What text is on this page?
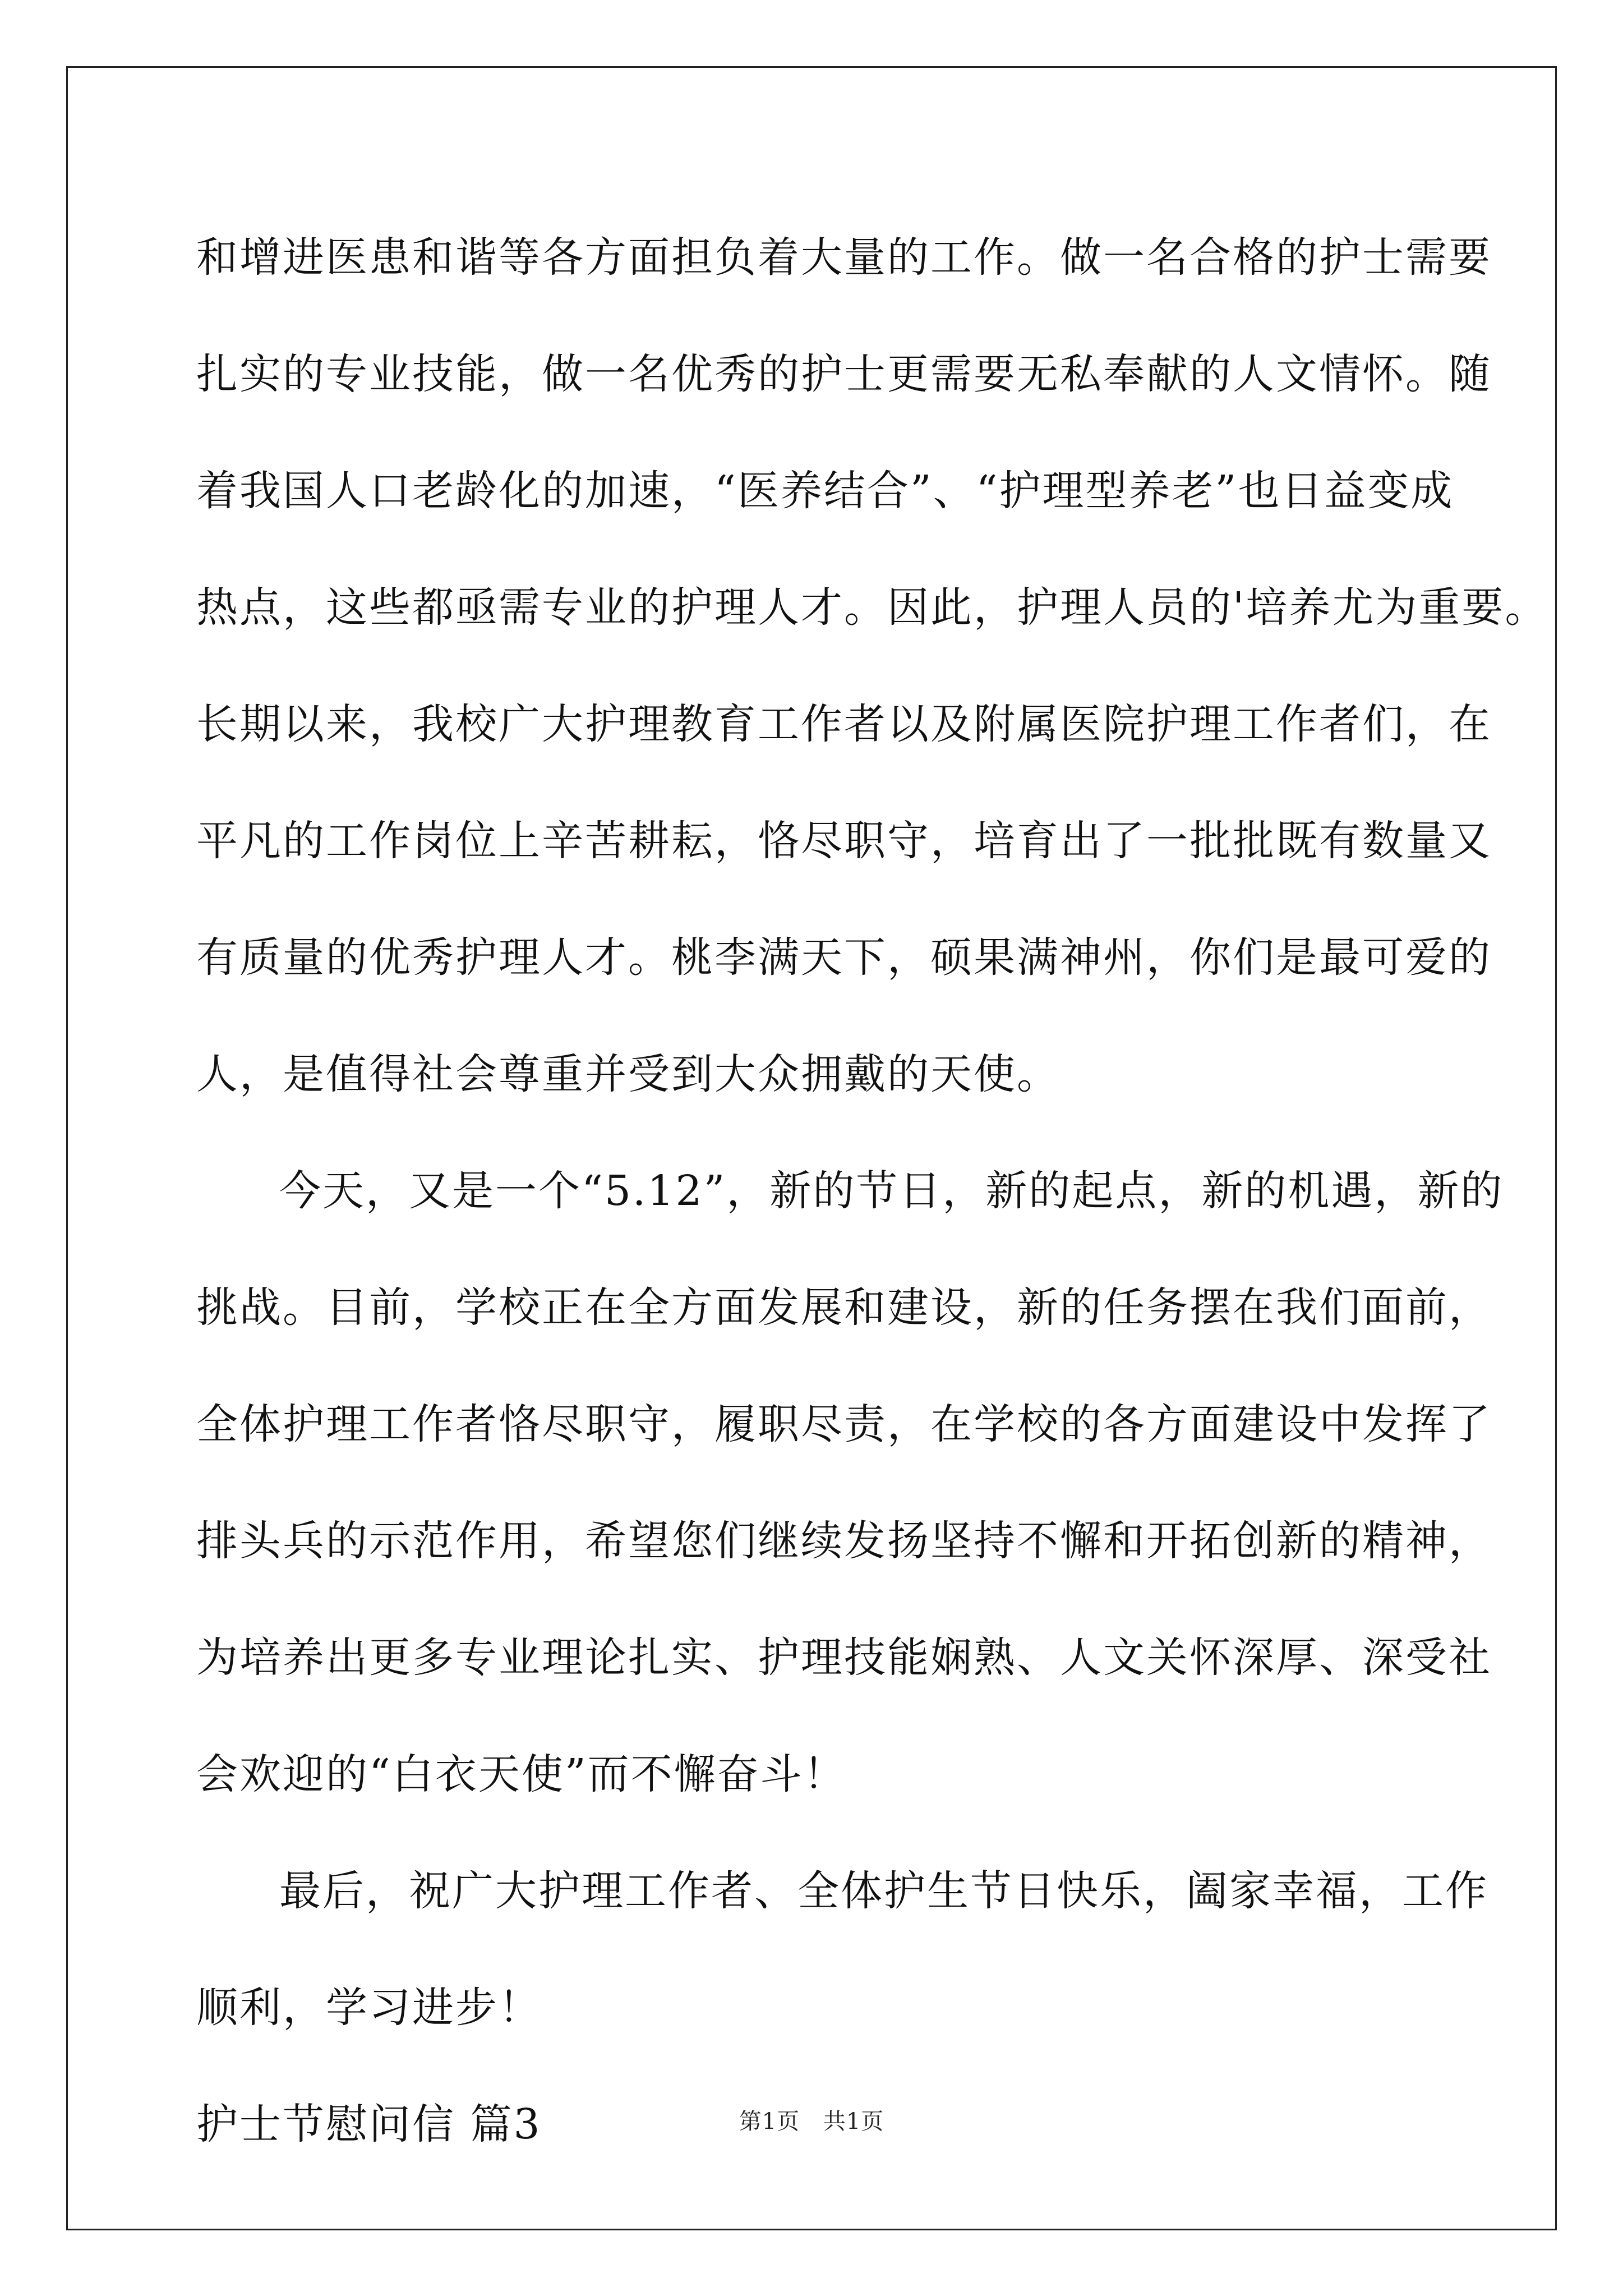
和增进医患和谐等各方面担负着大量的工作。做一名合格的护士需要
扎实的专业技能，做一名优秀的护士更需要无私奉献的人文情怀。随
着我国人口老龄化的加速，“医养结合”、“护理型养老”也日益变成
热点，这些都亟需专业的护理人才。因此，护理人员的'培养尤为重要。
长期以来，我校广大护理教育工作者以及附属医院护理工作者们，在
平凡的工作岗位上辛苦耕耘，恪尽职守，培育出了一批批既有数量又
有质量的优秀护理人才。桃李满天下，硕果满神州，你们是最可爱的
人，是值得社会尊重并受到大众拥戴的天使。

今天，又是一个“5.12”，新的节日，新的起点，新的机遇，新的
挑战。目前，学校正在全方面发展和建设，新的任务摆在我们面前，
全体护理工作者恪尽职守，履职尽责，在学校的各方面建设中发挥了
排头兵的示范作用，希望您们继续发扬坚持不懈和开拓创新的精神，
为培养出更多专业理论扎实、护理技能娴熟、人文关怀深厚、深受社
会欢迎的“白衣天使”而不懈奋斗！

最后，祝广大护理工作者、全体护生节日快乐，阖家幸福，工作
顺利，学习进步！

护士节慰问信 篇3	第1页 共1页
